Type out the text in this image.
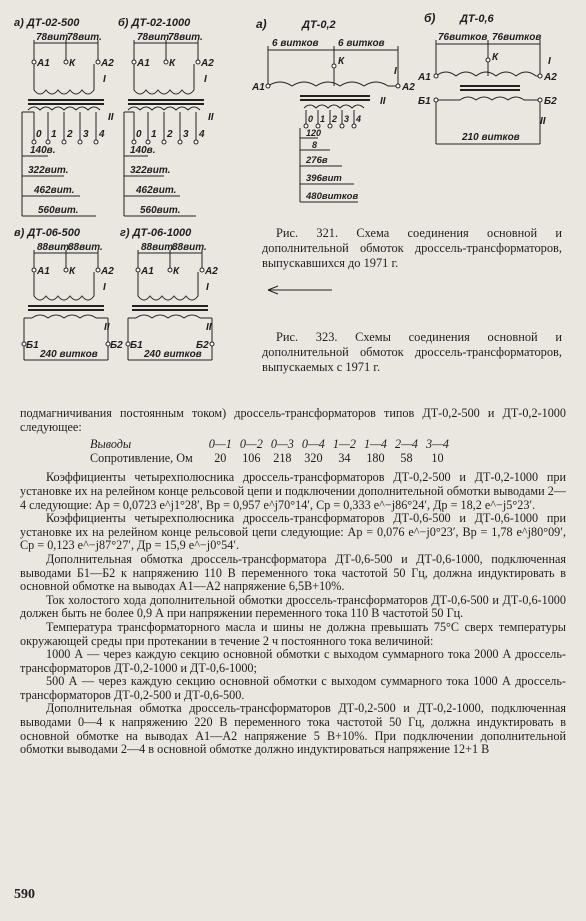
а) ДТ-02-500
78вит.
78вит.
А1 К	А2
I
0 1 2 3 4
II
140в.
322вит.
462вит.
560вит.
б) ДТ-02-1000
78вит.
78вит.
А1 К	А2
I
0 1 2 3 4
II
140в.
322вит.
462вит.
560вит.
в) ДТ-06-500
88вит.
88вит.
А1 К	А2
I
Б1	Б2
II
240 витков
г) ДТ-06-1000
88вит.
88вит.
А1 К	А2
I
Б1	Б2
II
240 витков
а)	ДТ-0,2
6 витков 6 витков
К
А1	А2
I
0 1 2 3 4
II
120
8
276в
396вит
480витков
б) ДТ-0,6
76витков 76витков
К
А1	А2
I
Б1	Б2
II
210 витков
Рис. 321. Схема соединения основной и дополнительной обмоток дроссель-трансформаторов, выпускавшихся до 1971 г.
Рис. 323. Схемы соединения основной и дополнительной обмоток дроссель-трансформаторов, выпускаемых с 1971 г.

подмагничивания постоянным током) дроссель-трансформаторов типов ДТ-0,2-500 и ДТ-0,2-1000 следующее:

Выводы	0—1	0—2	0—3	0—4	1—2	1—4	2—4	3—4
Сопротивление, Ом	20	106	218	320	34	180	58	10

Коэффициенты четырехполюсника дроссель-трансформаторов ДТ-0,2-500 и ДТ-0,2-1000 при установке их на релейном конце рельсовой цепи и подключении дополнительной обмотки выводами 2—4 следующие: Ap = 0,0723 e^j1°28′, Bp = 0,957 e^j70°14′, Cp = 0,333 e^−j86°24′, Дp = 18,2 e^−j5°23′.

Коэффициенты четырехполюсника дроссель-трансформаторов ДТ-0,6-500 и ДТ-0,6-1000 при установке их на релейном конце рельсовой цепи следующие: Ap = 0,076 e^−j0°23′, Bp = 1,78 e^j80°09′, Cp = 0,123 e^−j87°27′, Дp = 15,9 e^−j0°54′.

Дополнительная обмотка дроссель-трансформатора ДТ-0,6-500 и ДТ-0,6-1000, подключенная выводами Б1—Б2 к напряжению 110 В переменного тока частотой 50 Гц, должна индуктировать в основной обмотке на выводах А1—А2 напряжение 6,5В+10%.

Ток холостого хода дополнительной обмотки дроссель-трансформаторов ДТ-0,6-500 и ДТ-0,6-1000 должен быть не более 0,9 А при напряжении переменного тока 110 В частотой 50 Гц.

Температура трансформаторного масла и шины не должна превышать 75°С сверх температуры окружающей среды при протекании в течение 2 ч постоянного тока величиной:

1000 А — через каждую секцию основной обмотки с выходом суммарного тока 2000 А дроссель-трансформаторов ДТ-0,2-1000 и ДТ-0,6-1000;

500 А — через каждую секцию основной обмотки с выходом суммарного тока 1000 А дроссель-трансформаторов ДТ-0,2-500 и ДТ-0,6-500.

Дополнительная обмотка дроссель-трансформаторов ДТ-0,2-500 и ДТ-0,2-1000, подключенная выводами 0—4 к напряжению 220 В переменного тока частотой 50 Гц, должна индуктировать в основной обмотке на выводах А1—А2 напряжение 5 В+10%. При подключении дополнительной обмотки выводами 2—4 в основной обмотке должно индуктироваться напряжение 12+1 В

590
